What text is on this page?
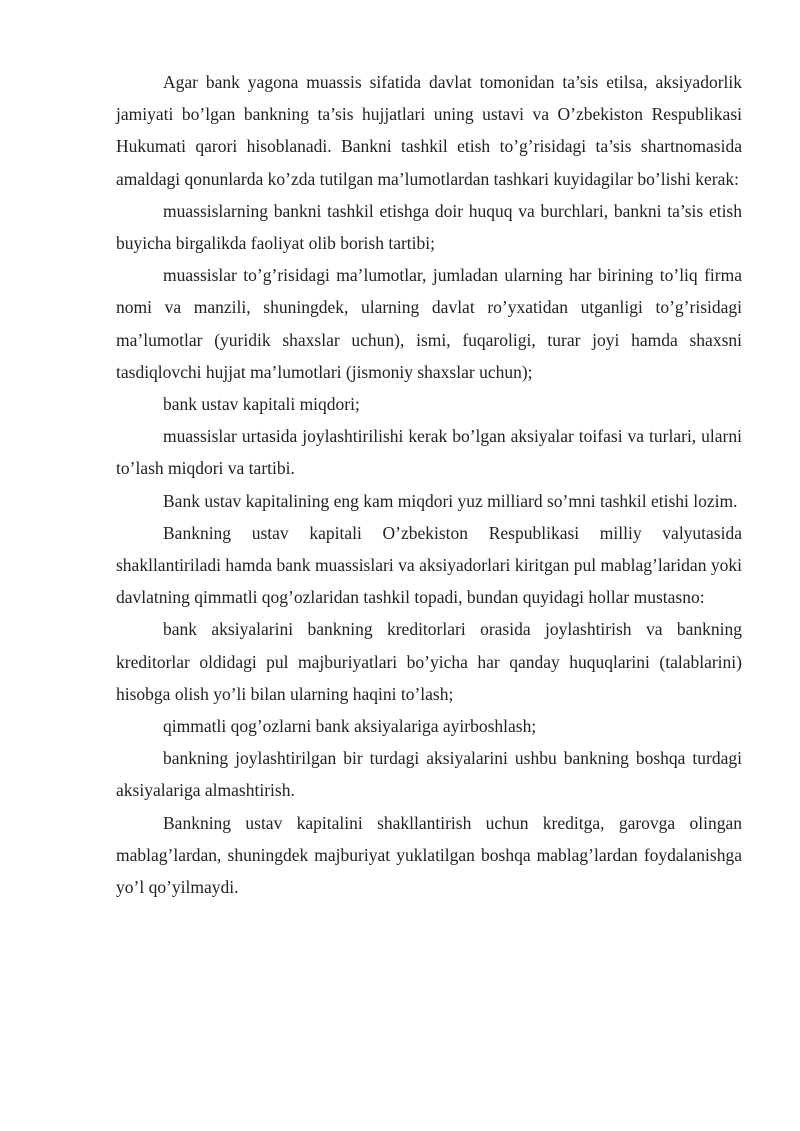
Agar bank yagona muassis sifatida davlat tomonidan ta’sis etilsa, aksiyadorlik jamiyati bo’lgan bankning ta’sis hujjatlari uning ustavi va O’zbekiston Respublikasi Hukumati qarori hisoblanadi. Bankni tashkil etish to’g’risidagi ta’sis shartnomasida amaldagi qonunlarda ko’zda tutilgan ma’lumotlardan tashkari kuyidagilar bo’lishi kerak:

muassislarning bankni tashkil etishga doir huquq va burchlari, bankni ta’sis etish buyicha birgalikda faoliyat olib borish tartibi;

muassislar to’g’risidagi ma’lumotlar, jumladan ularning har birining to’liq firma nomi va manzili, shuningdek, ularning davlat ro’yxatidan utganligi to’g’risidagi ma’lumotlar (yuridik shaxslar uchun), ismi, fuqaroligi, turar joyi hamda shaxsni tasdiqlovchi hujjat ma’lumotlari (jismoniy shaxslar uchun);

bank ustav kapitali miqdori;

muassislar urtasida joylashtirilishi kerak bo’lgan aksiyalar toifasi va turlari, ularni to’lash miqdori va tartibi.

Bank ustav kapitalining eng kam miqdori yuz milliard so’mni tashkil etishi lozim.

Bankning ustav kapitali O’zbekiston Respublikasi milliy valyutasida shakllantiriladi hamda bank muassislari va aksiyadorlari kiritgan pul mablag’laridan yoki davlatning qimmatli qog’ozlaridan tashkil topadi, bundan quyidagi hollar mustasno:

bank aksiyalarini bankning kreditorlari orasida joylashtirish va bankning kreditorlar oldidagi pul majburiyatlari bo’yicha har qanday huquqlarini (talablarini) hisobga olish yo’li bilan ularning haqini to’lash;

qimmatli qog’ozlarni bank aksiyalariga ayirboshlash;

bankning joylashtirilgan bir turdagi aksiyalarini ushbu bankning boshqa turdagi aksiyalariga almashtirish.

Bankning ustav kapitalini shakllantirish uchun kreditga, garovga olingan mablag’lardan, shuningdek majburiyat yuklatilgan boshqa mablag’lardan foydalanishga yo’l qo’yilmaydi.
